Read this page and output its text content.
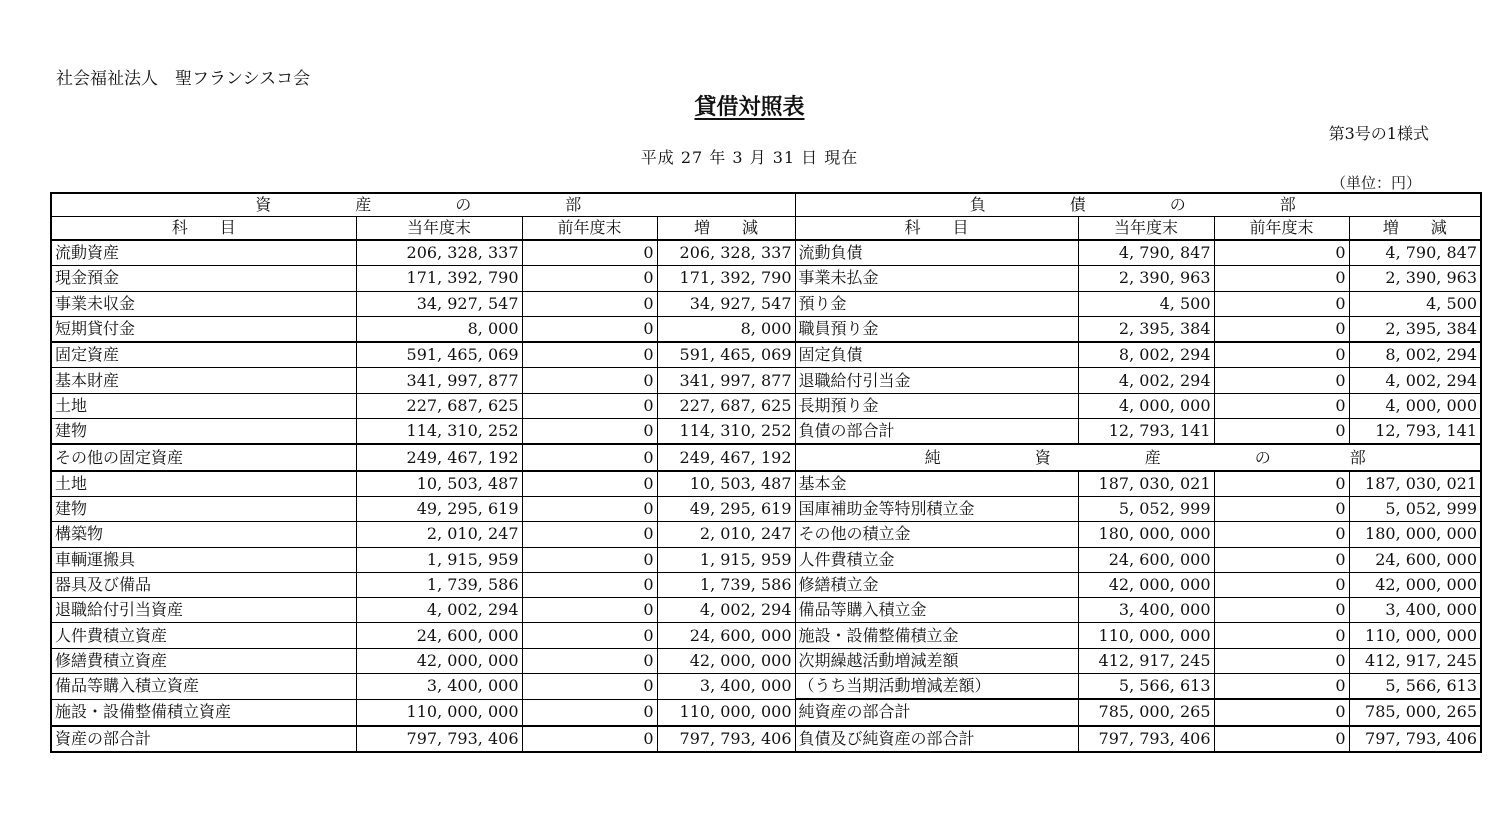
社会福祉法人　聖フランシスコ会
貸借対照表
第3号の1様式
平成 27 年 3 月 31 日 現在
（単位：円）
資 産 の 部				負 債 の 部			
科　　目	当年度末	前年度末	増　　減	科　　目	当年度末	前年度末	増　　減
流動資産	206, 328, 337	0	206, 328, 337	流動負債	4, 790, 847	0	4, 790, 847
現金預金	171, 392, 790	0	171, 392, 790	事業未払金	2, 390, 963	0	2, 390, 963
事業未収金	34, 927, 547	0	34, 927, 547	預り金	4, 500	0	4, 500
短期貸付金	8, 000	0	8, 000	職員預り金	2, 395, 384	0	2, 395, 384
固定資産	591, 465, 069	0	591, 465, 069	固定負債	8, 002, 294	0	8, 002, 294
基本財産	341, 997, 877	0	341, 997, 877	退職給付引当金	4, 002, 294	0	4, 002, 294
土地	227, 687, 625	0	227, 687, 625	長期預り金	4, 000, 000	0	4, 000, 000
建物	114, 310, 252	0	114, 310, 252	負債の部合計	12, 793, 141	0	12, 793, 141
その他の固定資産	249, 467, 192	0	249, 467, 192	純 資 産 の 部			
土地	10, 503, 487	0	10, 503, 487	基本金	187, 030, 021	0	187, 030, 021
建物	49, 295, 619	0	49, 295, 619	国庫補助金等特別積立金	5, 052, 999	0	5, 052, 999
構築物	2, 010, 247	0	2, 010, 247	その他の積立金	180, 000, 000	0	180, 000, 000
車輌運搬具	1, 915, 959	0	1, 915, 959	人件費積立金	24, 600, 000	0	24, 600, 000
器具及び備品	1, 739, 586	0	1, 739, 586	修繕積立金	42, 000, 000	0	42, 000, 000
退職給付引当資産	4, 002, 294	0	4, 002, 294	備品等購入積立金	3, 400, 000	0	3, 400, 000
人件費積立資産	24, 600, 000	0	24, 600, 000	施設・設備整備積立金	110, 000, 000	0	110, 000, 000
修繕費積立資産	42, 000, 000	0	42, 000, 000	次期繰越活動増減差額	412, 917, 245	0	412, 917, 245
備品等購入積立資産	3, 400, 000	0	3, 400, 000	（うち当期活動増減差額）	5, 566, 613	0	5, 566, 613
施設・設備整備積立資産	110, 000, 000	0	110, 000, 000	純資産の部合計	785, 000, 265	0	785, 000, 265
資産の部合計	797, 793, 406	0	797, 793, 406	負債及び純資産の部合計	797, 793, 406	0	797, 793, 406
